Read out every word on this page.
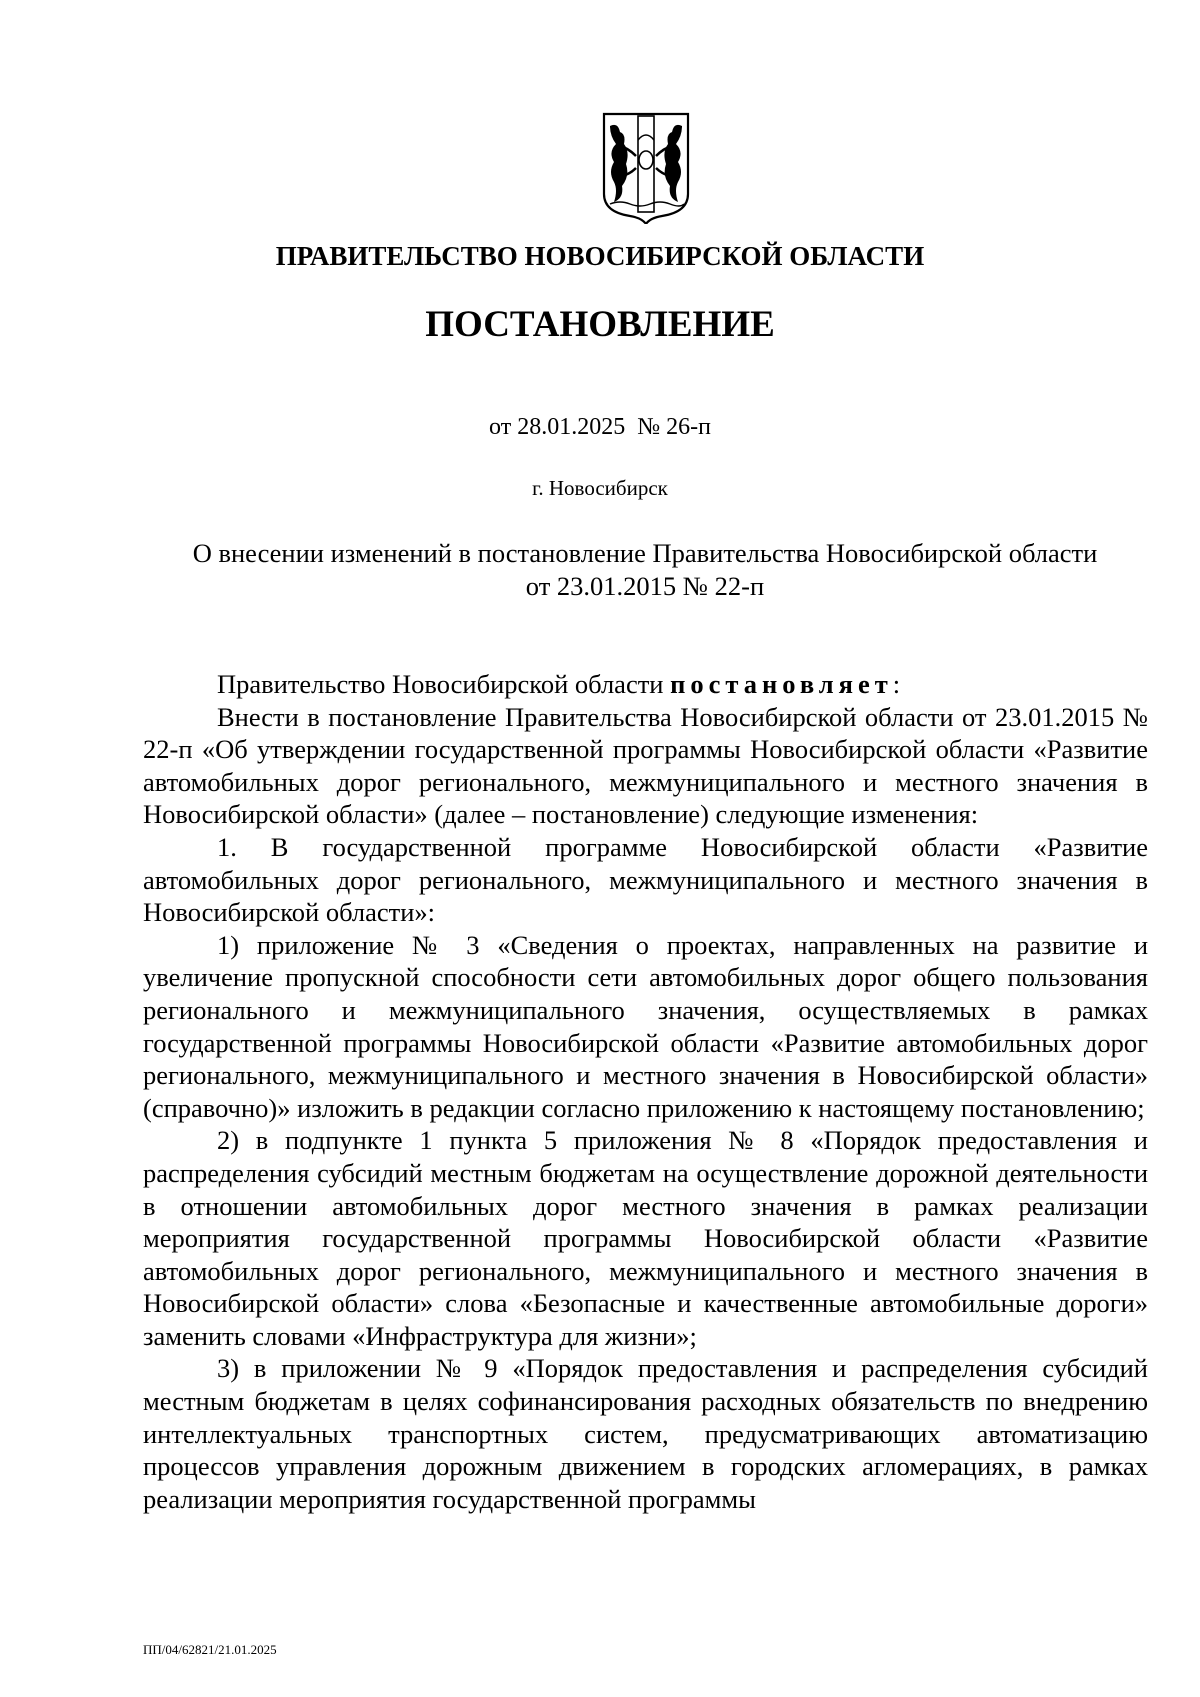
ПРАВИТЕЛЬСТВО НОВОСИБИРСКОЙ ОБЛАСТИ
ПОСТАНОВЛЕНИЕ
от 28.01.2025 № 26-п
г. Новосибирск
О внесении изменений в постановление Правительства Новосибирской области
от 23.01.2015 № 22-п

Правительство Новосибирской области постановляет:

Внести в постановление Правительства Новосибирской области от 23.01.2015 № 22-п «Об утверждении государственной программы Новосибирской области «Развитие автомобильных дорог регионального, межмуниципального и местного значения в Новосибирской области» (далее – постановление) следующие изменения:

1. В государственной программе Новосибирской области «Развитие автомобильных дорог регионального, межмуниципального и местного значения в Новосибирской области»:

1) приложение № 3 «Сведения о проектах, направленных на развитие и увеличение пропускной способности сети автомобильных дорог общего пользования регионального и межмуниципального значения, осуществляемых в рамках государственной программы Новосибирской области «Развитие автомобильных дорог регионального, межмуниципального и местного значения в Новосибирской области» (справочно)» изложить в редакции согласно приложению к настоящему постановлению;

2) в подпункте 1 пункта 5 приложения № 8 «Порядок предоставления и распределения субсидий местным бюджетам на осуществление дорожной деятельности в отношении автомобильных дорог местного значения в рамках реализации мероприятия государственной программы Новосибирской области «Развитие автомобильных дорог регионального, межмуниципального и местного значения в Новосибирской области» слова «Безопасные и качественные автомобильные дороги» заменить словами «Инфраструктура для жизни»;

3) в приложении № 9 «Порядок предоставления и распределения субсидий местным бюджетам в целях софинансирования расходных обязательств по внедрению интеллектуальных транспортных систем, предусматривающих автоматизацию процессов управления дорожным движением в городских агломерациях, в рамках реализации мероприятия государственной программы

ПП/04/62821/21.01.2025
